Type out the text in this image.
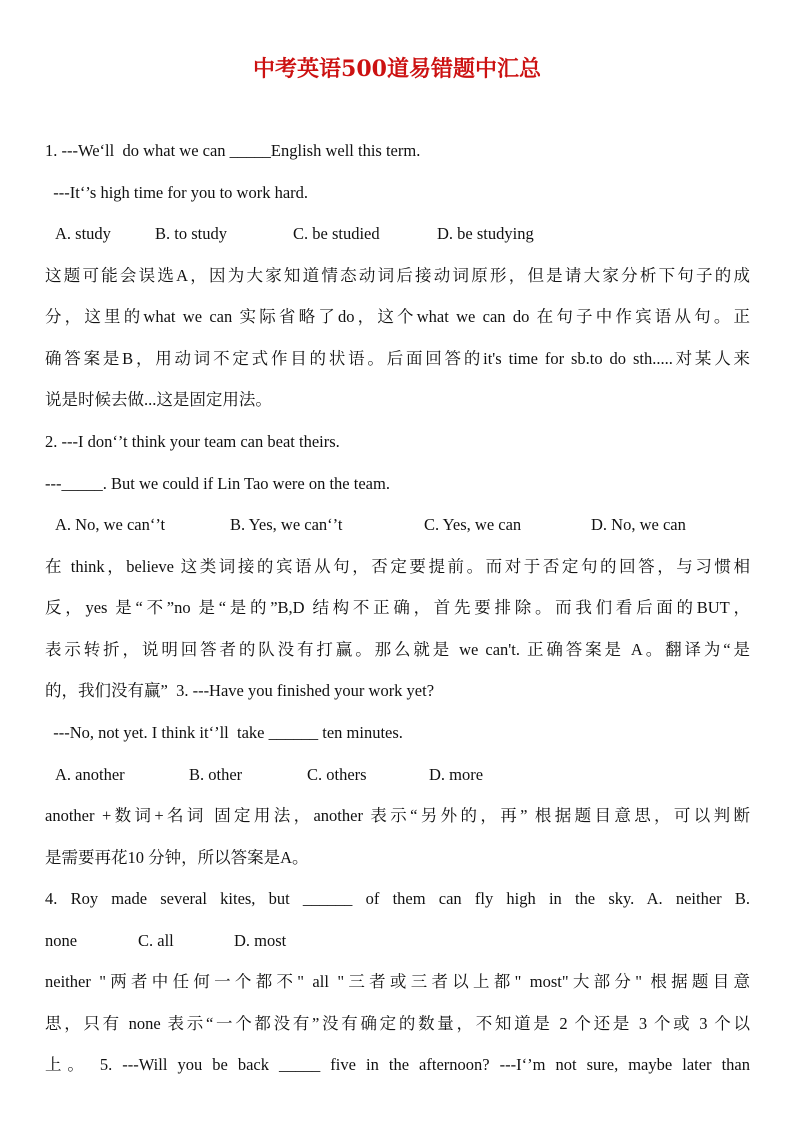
中考英语500道易错题中汇总
1. ---We‘ll  do what we can _____English well this term.
---It‘’s high time for you to work hard.
A. study	B. to study	C. be studied	D. be studying
这题可能会误选A，因为大家知道情态动词后接动词原形，但是请大家分析下句子的成
分，这里的what we can 实际省略了do，这个what we can do 在句子中作宾语从句。正
确答案是B，用动词不定式作目的状语。后面回答的it's time for sb.to do sth.....对某人来
说是时候去做...这是固定用法。
2. ---I don‘’t think your team can beat theirs.
---_____. But we could if Lin Tao were on the team.
A. No, we can‘’t	B. Yes, we can‘’t	C. Yes, we can	D. No, we can
在 think，believe 这类词接的宾语从句，否定要提前。而对于否定句的回答，与习惯相
反，yes 是“不”no 是“是的”B,D 结构不正确，首先要排除。而我们看后面的BUT，
表示转折，说明回答者的队没有打赢。那么就是 we can't. 正确答案是 A。翻译为“是
的，我们没有赢”  3. ---Have you finished your work yet?
---No, not yet. I think it‘’ll  take ______ ten minutes.
A. another	B. other	C. others	D. more
another +数词+名词 固定用法，another 表示“另外的，再” 根据题目意思，可以判断
是需要再花10 分钟，所以答案是A。
4. Roy made several kites, but ______ of them can fly high in the sky. A. neither B.
none	C. all	D. most
neither "两者中任何一个都不" all "三者或三者以上都" most"大部分" 根据题目意
思，只有 none 表示“一个都没有”没有确定的数量，不知道是 2 个还是 3 个或 3 个以
上。 5. ---Will you be back _____ five in the afternoon? ---I‘’m not sure, maybe later than
